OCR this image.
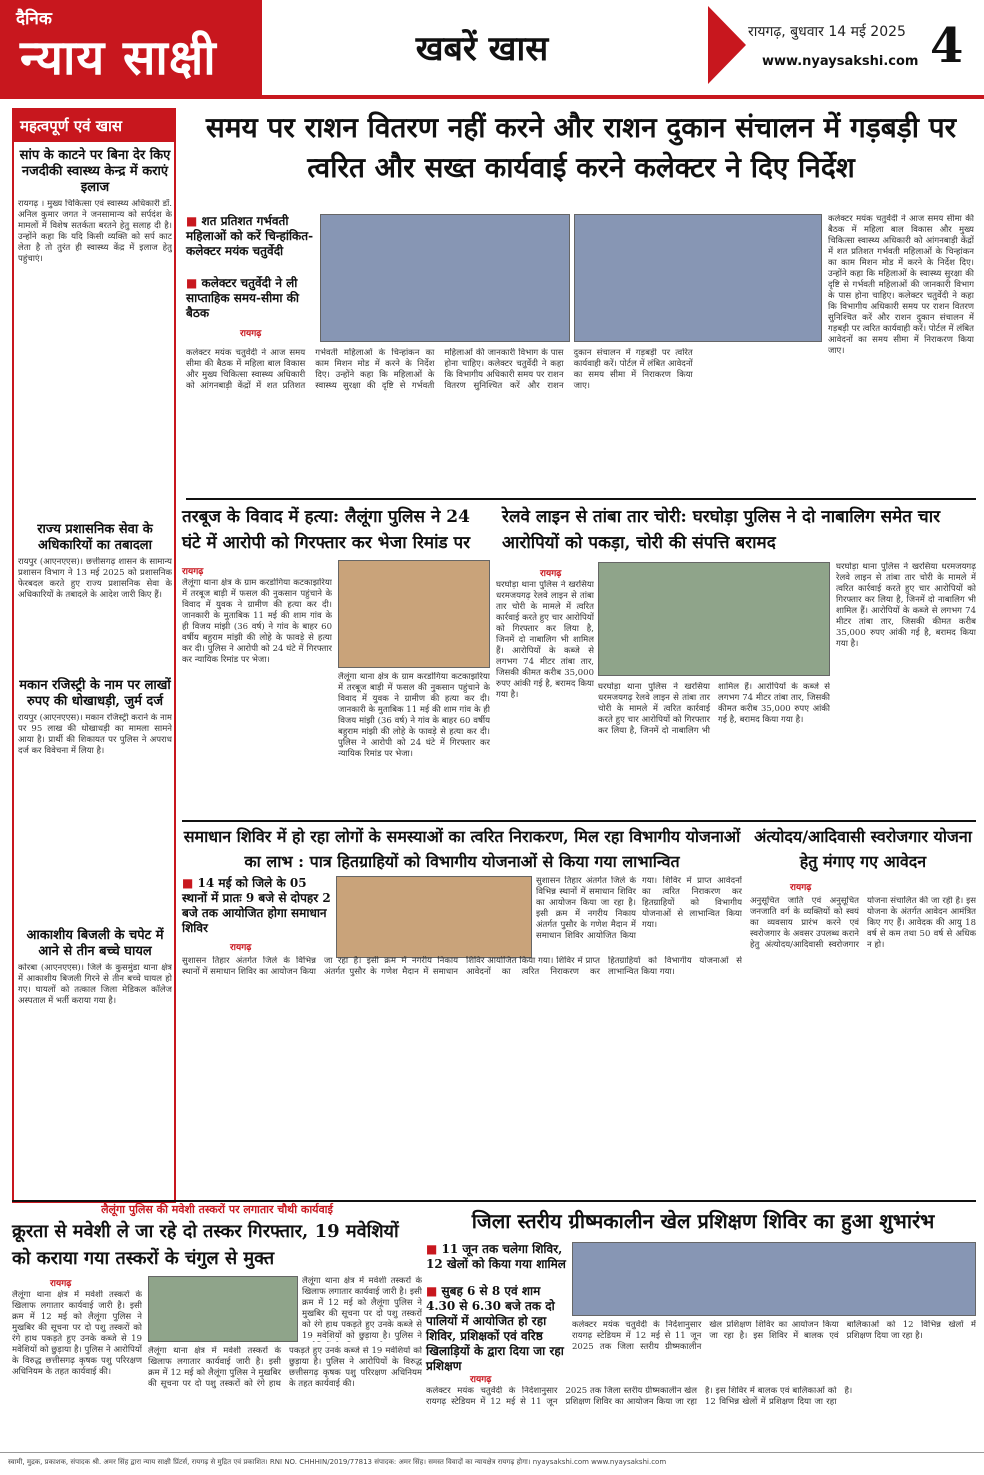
दैनिक
न्याय साक्षी	खबरें खास	रायगढ़, बुधवार 14 मई 2025
www.nyaysakshi.com 4
महत्वपूर्ण एवं खास
सांप के काटने पर बिना देर किए नजदीकी स्वास्थ्य केन्द्र में कराएं इलाज
रायगढ़ । मुख्य चिकित्सा एवं स्वास्थ्य अधिकारी डॉ. अनिल कुमार जगत ने जनसामान्य को सर्पदंश के मामलों में विशेष सतर्कता बरतने हेतु सलाह दी है। उन्होंने कहा कि यदि किसी व्यक्ति को सर्प काट लेता है तो तुरंत ही स्वास्थ्य केंद्र में इलाज हेतु पहुंचाएं।
राज्य प्रशासनिक सेवा के अधिकारियों का तबादला
रायपुर (आएनएएस)। छत्तीसगढ़ शासन के सामान्य प्रशासन विभाग ने 13 मई 2025 को प्रशासनिक फेरबदल करते हुए राज्य प्रशासनिक सेवा के अधिकारियों के तबादले के आदेश जारी किए हैं।
मकान रजिस्ट्री के नाम पर लाखों रुपए की धोखाधड़ी, जुर्म दर्ज
रायपुर (आएनएएस)। मकान रजिस्ट्री कराने के नाम पर 95 लाख की धोखाधड़ी का मामला सामने आया है। प्रार्थी की शिकायत पर पुलिस ने अपराध दर्ज कर विवेचना में लिया है।
आकाशीय बिजली के चपेट में आने से तीन बच्चे घायल
कोरबा (आएनएएस)। जिले के कुसमुंडा थाना क्षेत्र में आकाशीय बिजली गिरने से तीन बच्चे घायल हो गए। घायलों को तत्काल जिला मेडिकल कॉलेज अस्पताल में भर्ती कराया गया है।
समय पर राशन वितरण नहीं करने और राशन दुकान संचालन में गड़बड़ी पर त्वरित और सख्त कार्यवाई करने कलेक्टर ने दिए निर्देश
■ शत प्रतिशत गर्भवती महिलाओं को करें चिन्हांकित-कलेक्टर मयंक चतुर्वेदी
■ कलेक्टर चतुर्वेदी ने ली साप्ताहिक समय-सीमा की बैठक
रायगढ़
कलेक्टर मयंक चतुर्वेदी ने आज समय सीमा की बैठक में महिला बाल विकास और मुख्य चिकित्सा स्वास्थ्य अधिकारी को आंगनबाड़ी केंद्रों में शत प्रतिशत गर्भवती महिलाओं के चिन्हांकन का काम मिशन मोड में करने के निर्देश दिए। उन्होंने कहा कि महिलाओं के स्वास्थ्य सुरक्षा की दृष्टि से गर्भवती महिलाओं की जानकारी विभाग के पास होना चाहिए। कलेक्टर चतुर्वेदी ने कहा कि विभागीय अधिकारी समय पर राशन वितरण सुनिश्चित करें और राशन दुकान संचालन में गड़बड़ी पर त्वरित कार्यवाही करें। पोर्टल में लंबित आवेदनों का समय सीमा में निराकरण किया जाए।
कलेक्टर मयंक चतुर्वेदी ने आज समय सीमा की बैठक में महिला बाल विकास और मुख्य चिकित्सा स्वास्थ्य अधिकारी को आंगनबाड़ी केंद्रों में शत प्रतिशत गर्भवती महिलाओं के चिन्हांकन का काम मिशन मोड में करने के निर्देश दिए। उन्होंने कहा कि महिलाओं के स्वास्थ्य सुरक्षा की दृष्टि से गर्भवती महिलाओं की जानकारी विभाग के पास होना चाहिए। कलेक्टर चतुर्वेदी ने कहा कि विभागीय अधिकारी समय पर राशन वितरण सुनिश्चित करें और राशन दुकान संचालन में गड़बड़ी पर त्वरित कार्यवाही करें। पोर्टल में लंबित आवेदनों का समय सीमा में निराकरण किया जाए।
तरबूज के विवाद में हत्या: लैलूंगा पुलिस ने 24 घंटे में आरोपी को गिरफ्तार कर भेजा रिमांड पर
रायगढ़
लैलूंगा थाना क्षेत्र के ग्राम करडोगिया कटकाझरिया में तरबूज बाड़ी में फसल की नुकसान पहुंचाने के विवाद में युवक ने ग्रामीण की हत्या कर दी। जानकारी के मुताबिक 11 मई की शाम गांव के ही विजय मांझी (36 वर्ष) ने गांव के बाहर 60 वर्षीय बहुराम मांझी की लोहे के फावड़े से हत्या कर दी। पुलिस ने आरोपी को 24 घंटे में गिरफ्तार कर न्यायिक रिमांड पर भेजा।
लैलूंगा थाना क्षेत्र के ग्राम करडोगिया कटकाझरिया में तरबूज बाड़ी में फसल की नुकसान पहुंचाने के विवाद में युवक ने ग्रामीण की हत्या कर दी। जानकारी के मुताबिक 11 मई की शाम गांव के ही विजय मांझी (36 वर्ष) ने गांव के बाहर 60 वर्षीय बहुराम मांझी की लोहे के फावड़े से हत्या कर दी। पुलिस ने आरोपी को 24 घंटे में गिरफ्तार कर न्यायिक रिमांड पर भेजा।
रेलवे लाइन से तांबा तार चोरी: घरघोड़ा पुलिस ने दो नाबालिग समेत चार आरोपियों को पकड़ा, चोरी की संपत्ति बरामद
रायगढ़
घरघोड़ा थाना पुलिस ने खरसिया धरमजयगढ़ रेलवे लाइन से तांबा तार चोरी के मामले में त्वरित कार्रवाई करते हुए चार आरोपियों को गिरफ्तार कर लिया है, जिनमें दो नाबालिग भी शामिल हैं। आरोपियों के कब्जे से लगभग 74 मीटर तांबा तार, जिसकी कीमत करीब 35,000 रुपए आंकी गई है, बरामद किया गया है।
घरघोड़ा थाना पुलिस ने खरसिया धरमजयगढ़ रेलवे लाइन से तांबा तार चोरी के मामले में त्वरित कार्रवाई करते हुए चार आरोपियों को गिरफ्तार कर लिया है, जिनमें दो नाबालिग भी शामिल हैं। आरोपियों के कब्जे से लगभग 74 मीटर तांबा तार, जिसकी कीमत करीब 35,000 रुपए आंकी गई है, बरामद किया गया है।
घरघोड़ा थाना पुलिस ने खरसिया धरमजयगढ़ रेलवे लाइन से तांबा तार चोरी के मामले में त्वरित कार्रवाई करते हुए चार आरोपियों को गिरफ्तार कर लिया है, जिनमें दो नाबालिग भी शामिल हैं। आरोपियों के कब्जे से लगभग 74 मीटर तांबा तार, जिसकी कीमत करीब 35,000 रुपए आंकी गई है, बरामद किया गया है।
समाधान शिविर में हो रहा लोगों के समस्याओं का त्वरित निराकरण, मिल रहा विभागीय योजनाओं का लाभ : पात्र हितग्राहियों को विभागीय योजनाओं से किया गया लाभान्वित
■ 14 मई को जिले के 05 स्थानों में प्रातः 9 बजे से दोपहर 2 बजे तक आयोजित होगा समाधान शिविर
रायगढ़
सुशासन तिहार अंतर्गत जिले के विभिन्न स्थानों में समाधान शिविर का आयोजन किया जा रहा है। इसी क्रम में नगरीय निकाय अंतर्गत पुसौर के गणेश मैदान में समाधान शिविर आयोजित किया गया। शिविर में प्राप्त आवेदनों का त्वरित निराकरण कर हितग्राहियों को विभागीय योजनाओं से लाभान्वित किया गया।
सुशासन तिहार अंतर्गत जिले के विभिन्न स्थानों में समाधान शिविर का आयोजन किया जा रहा है। इसी क्रम में नगरीय निकाय अंतर्गत पुसौर के गणेश मैदान में समाधान शिविर आयोजित किया गया। शिविर में प्राप्त आवेदनों का त्वरित निराकरण कर हितग्राहियों को विभागीय योजनाओं से लाभान्वित किया गया।
अंत्योदय/आदिवासी स्वरोजगार योजना हेतु मंगाए गए आवेदन
रायगढ़
अनुसूचित जाति एवं अनुसूचित जनजाति वर्ग के व्यक्तियों को स्वयं का व्यवसाय प्रारंभ करने एवं स्वरोजगार के अवसर उपलब्ध कराने हेतु अंत्योदय/आदिवासी स्वरोजगार योजना संचालित की जा रही है। इस योजना के अंतर्गत आवेदन आमंत्रित किए गए हैं। आवेदक की आयु 18 वर्ष से कम तथा 50 वर्ष से अधिक न हो।
लैलूंगा पुलिस की मवेशी तस्करों पर लगातार चौथी कार्यवाई
क्रूरता से मवेशी ले जा रहे दो तस्कर गिरफ्तार, 19 मवेशियों को कराया गया तस्करों के चंगुल से मुक्त
रायगढ़
लैलूंगा थाना क्षेत्र में मवेशी तस्करों के खिलाफ लगातार कार्यवाई जारी है। इसी क्रम में 12 मई को लैलूंगा पुलिस ने मुखबिर की सूचना पर दो पशु तस्करों को रंगे हाथ पकड़ते हुए उनके कब्जे से 19 मवेशियों को छुड़ाया है। पुलिस ने आरोपियों के विरुद्ध छत्तीसगढ़ कृषक पशु परिरक्षण अधिनियम के तहत कार्यवाई की।
लैलूंगा थाना क्षेत्र में मवेशी तस्करों के खिलाफ लगातार कार्यवाई जारी है। इसी क्रम में 12 मई को लैलूंगा पुलिस ने मुखबिर की सूचना पर दो पशु तस्करों को रंगे हाथ पकड़ते हुए उनके कब्जे से 19 मवेशियों को छुड़ाया है। पुलिस ने आरोपियों के विरुद्ध छत्तीसगढ़ कृषक पशु परिरक्षण अधिनियम के तहत कार्यवाई की।
लैलूंगा थाना क्षेत्र में मवेशी तस्करों के खिलाफ लगातार कार्यवाई जारी है। इसी क्रम में 12 मई को लैलूंगा पुलिस ने मुखबिर की सूचना पर दो पशु तस्करों को रंगे हाथ पकड़ते हुए उनके कब्जे से 19 मवेशियों को छुड़ाया है। पुलिस ने
जिला स्तरीय ग्रीष्मकालीन खेल प्रशिक्षण शिविर का हुआ शुभारंभ
■ 11 जून तक चलेगा शिविर, 12 खेलों को किया गया शामिल
■ सुबह 6 से 8 एवं शाम 4.30 से 6.30 बजे तक दो पालियों में आयोजित हो रहा शिविर, प्रशिक्षकों एवं वरिष्ठ खिलाड़ियों के द्वारा दिया जा रहा प्रशिक्षण
रायगढ़
कलेक्टर मयंक चतुर्वेदी के निर्देशानुसार रायगढ़ स्टेडियम में 12 मई से 11 जून 2025 तक जिला स्तरीय ग्रीष्मकालीन खेल प्रशिक्षण शिविर का आयोजन किया जा रहा है। इस शिविर में बालक एवं बालिकाओं को 12 विभिन्न खेलों में प्रशिक्षण दिया जा रहा है।
कलेक्टर मयंक चतुर्वेदी के निर्देशानुसार रायगढ़ स्टेडियम में 12 मई से 11 जून 2025 तक जिला स्तरीय ग्रीष्मकालीन खेल प्रशिक्षण शिविर का आयोजन किया जा रहा है। इस शिविर में बालक एवं बालिकाओं को 12 विभिन्न खेलों में प्रशिक्षण दिया जा रहा है।
स्वामी, मुद्रक, प्रकाशक, संपादक श्री. अमर सिंह द्वारा न्याय साक्षी प्रिंटर्स, रायगढ़ से मुद्रित एवं प्रकाशित। RNI NO. CHHHIN/2019/77813 संपादक: अमर सिंह। समस्त विवादों का न्यायक्षेत्र रायगढ़ होगा। nyaysakshi.com www.nyaysakshi.com
